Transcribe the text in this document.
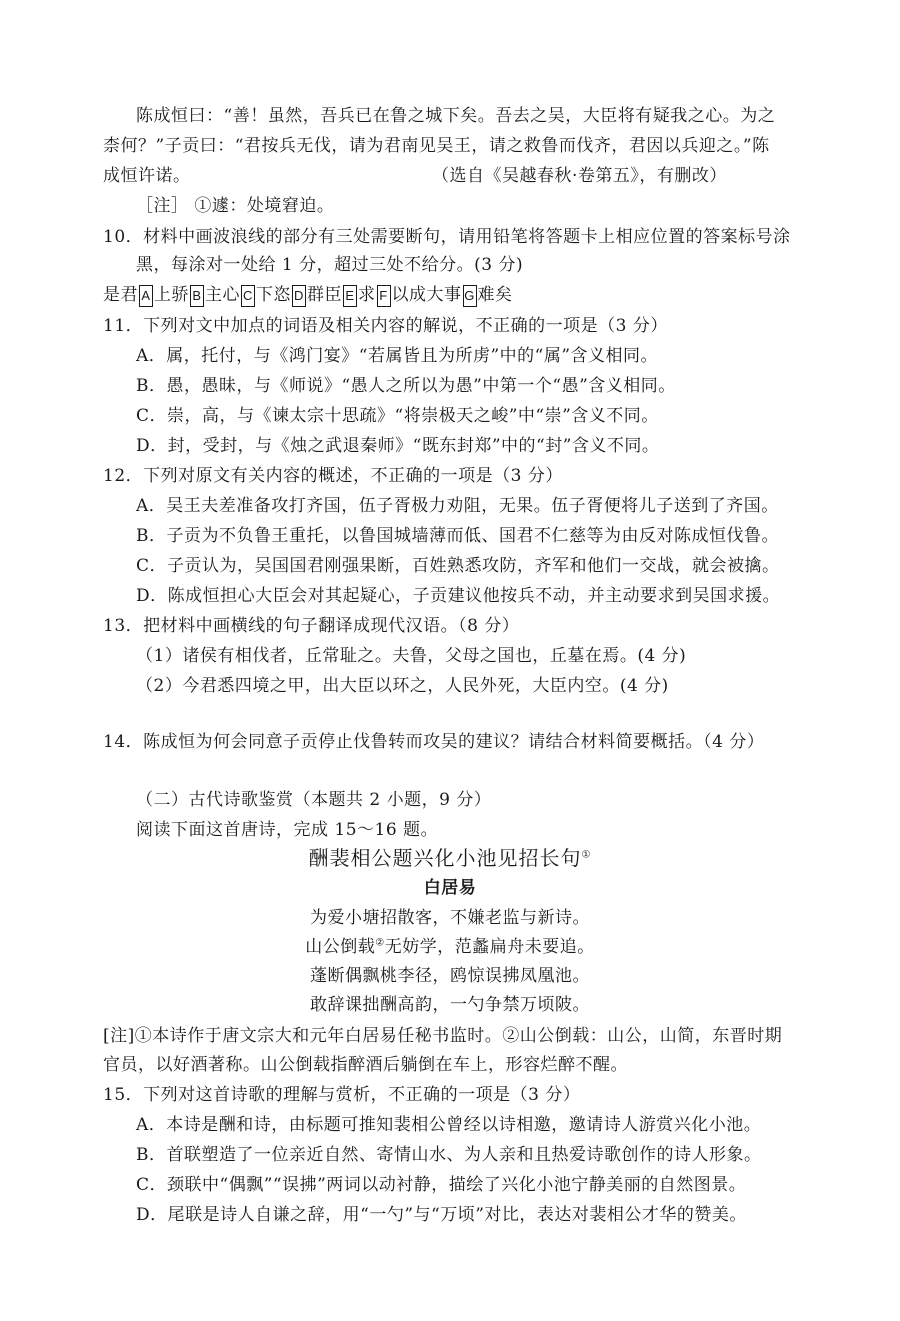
陈成恒曰：“善！虽然，吾兵已在鲁之城下矣。吾去之吴，大臣将有疑我之心。为之
柰何？”子贡曰：“君按兵无伐，请为君南见吴王，请之救鲁而伐齐，君因以兵迎之。”陈
成恒许诺。	（选自《吴越春秋·卷第五》，有删改）
［注］ ①遽：处境窘迫。
10．材料中画波浪线的部分有三处需要断句，请用铅笔将答题卡上相应位置的答案标号涂
黑，每涂对一处给 1 分，超过三处不给分。(3 分)
是君 A 上骄 B 主心 C 下恣 D 群臣 E 求 F 以成大事 G 难矣
11．下列对文中加点的词语及相关内容的解说，不正确的一项是（3 分）
A．属，托付，与《鸿门宴》“若属皆且为所虏”中的“属”含义相同。
B．愚，愚昧，与《师说》“愚人之所以为愚”中第一个“愚”含义相同。
C．崇，高，与《谏太宗十思疏》“将崇极天之峻”中“崇”含义不同。
D．封，受封，与《烛之武退秦师》“既东封郑”中的“封”含义不同。
12．下列对原文有关内容的概述，不正确的一项是（3 分）
A．吴王夫差准备攻打齐国，伍子胥极力劝阻，无果。伍子胥便将儿子送到了齐国。
B．子贡为不负鲁王重托，以鲁国城墙薄而低、国君不仁慈等为由反对陈成恒伐鲁。
C．子贡认为，吴国国君刚强果断，百姓熟悉攻防，齐军和他们一交战，就会被擒。
D．陈成恒担心大臣会对其起疑心，子贡建议他按兵不动，并主动要求到吴国求援。
13．把材料中画横线的句子翻译成现代汉语。（8 分）
（1）诸侯有相伐者，丘常耻之。夫鲁，父母之国也，丘墓在焉。(4 分)
（2）今君悉四境之甲，出大臣以环之，人民外死，大臣内空。(4 分)
14．陈成恒为何会同意子贡停止伐鲁转而攻吴的建议？请结合材料简要概括。（4 分）
（二）古代诗歌鉴赏（本题共 2 小题，9 分）
阅读下面这首唐诗，完成 15～16 题。
酬裴相公题兴化小池见招长句①
白居易
为爱小塘招散客，不嫌老监与新诗。
山公倒载②无妨学，范蠡扁舟未要追。
蓬断偶飘桃李径，鸥惊误拂凤凰池。
敢辞课拙酬高韵，一勺争禁万顷陂。
[注]①本诗作于唐文宗大和元年白居易任秘书监时。②山公倒载：山公，山简，东晋时期
官员，以好酒著称。山公倒载指醉酒后躺倒在车上，形容烂醉不醒。
15．下列对这首诗歌的理解与赏析，不正确的一项是（3 分）
A．本诗是酬和诗，由标题可推知裴相公曾经以诗相邀，邀请诗人游赏兴化小池。
B．首联塑造了一位亲近自然、寄情山水、为人亲和且热爱诗歌创作的诗人形象。
C．颈联中“偶飘”“误拂”两词以动衬静，描绘了兴化小池宁静美丽的自然图景。
D．尾联是诗人自谦之辞，用“一勺”与“万顷”对比，表达对裴相公才华的赞美。
